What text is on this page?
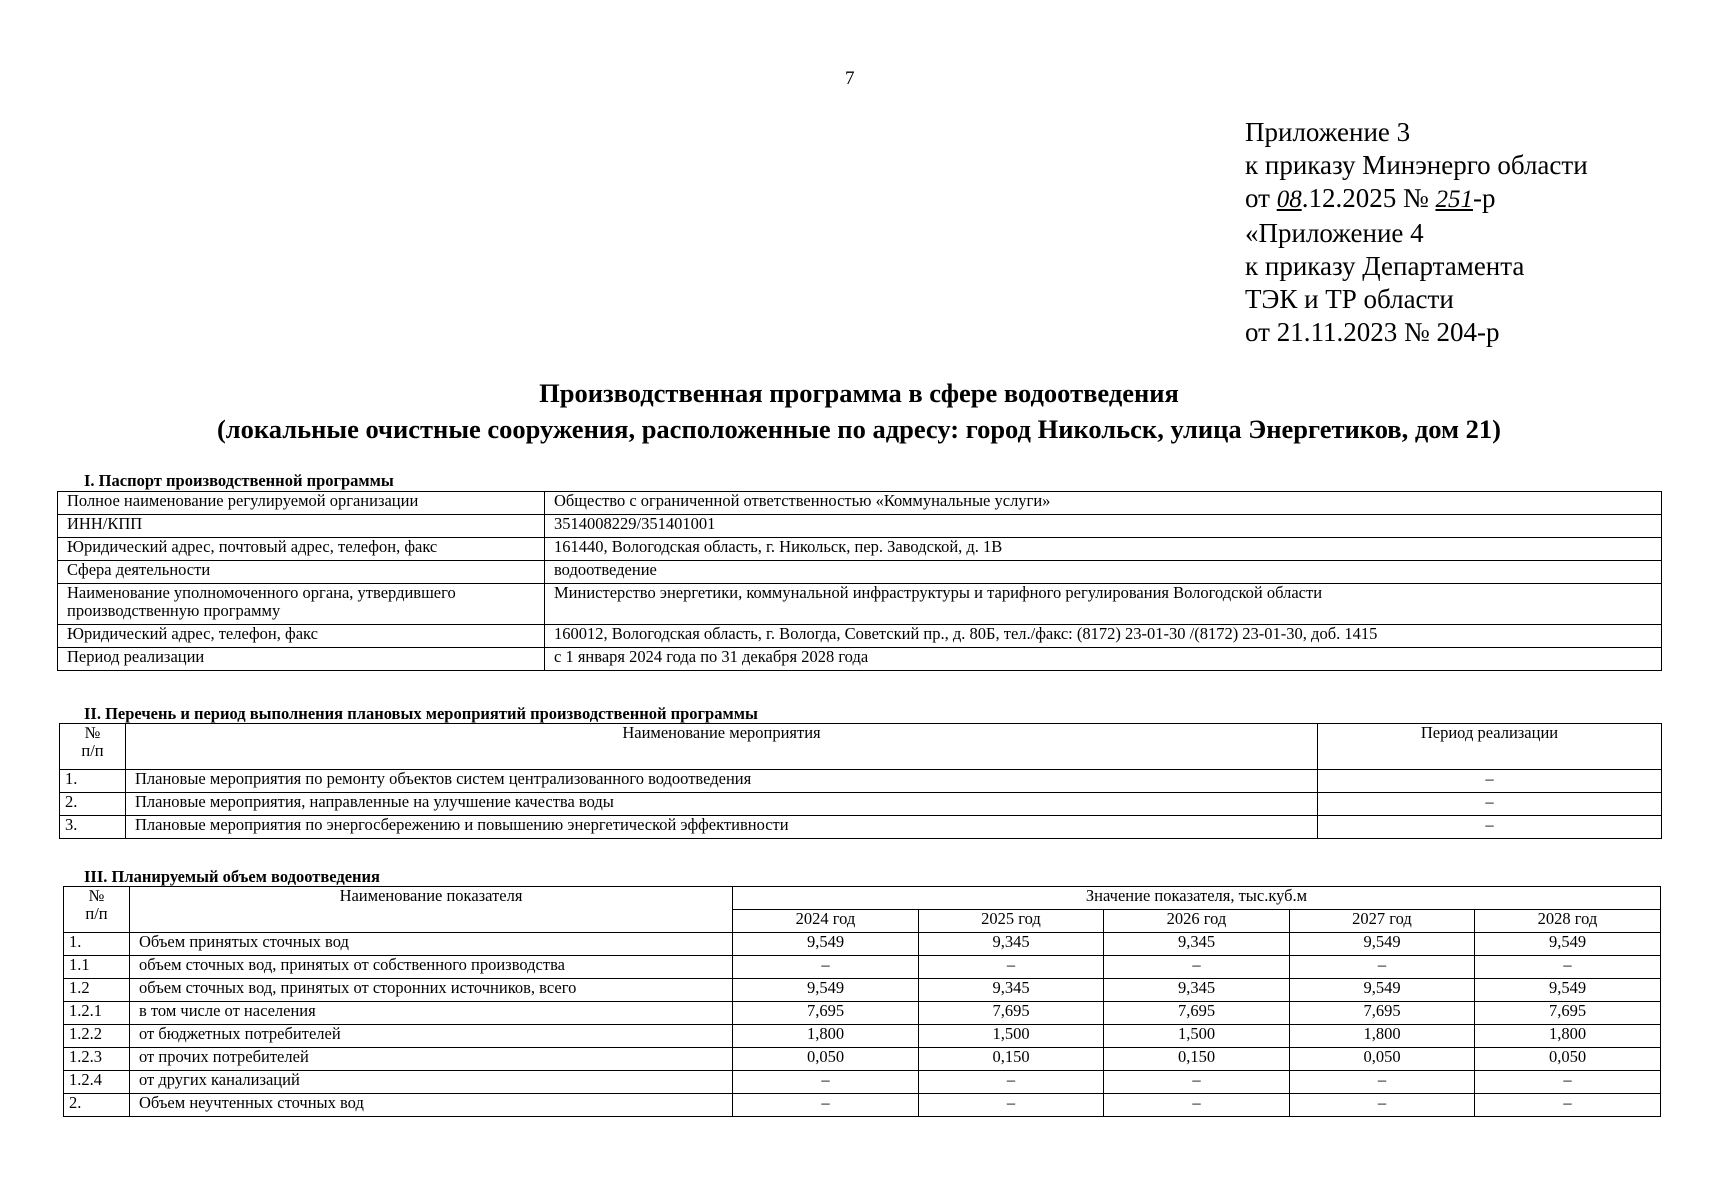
7
Приложение 3
к приказу Минэнерго области
от 08.12.2025 № 251-р
«Приложение 4
к приказу Департамента
ТЭК и ТР области
от 21.11.2023 № 204-р
Производственная программа в сфере водоотведения
(локальные очистные сооружения, расположенные по адресу: город Никольск, улица Энергетиков, дом 21)
I. Паспорт производственной программы
Полное наименование регулируемой организации	Общество с ограниченной ответственностью «Коммунальные услуги»
ИНН/КПП	3514008229/351401001
Юридический адрес, почтовый адрес, телефон, факс	161440, Вологодская область, г. Никольск, пер. Заводской, д. 1В
Сфера деятельности	водоотведение
Наименование уполномоченного органа, утвердившего производственную программу	Министерство энергетики, коммунальной инфраструктуры и тарифного регулирования Вологодской области
Юридический адрес, телефон, факс	160012, Вологодская область, г. Вологда, Советский пр., д. 80Б, тел./факс: (8172) 23-01-30 /(8172) 23-01-30, доб. 1415
Период реализации	с 1 января 2024 года по 31 декабря 2028 года
II. Перечень и период выполнения плановых мероприятий производственной программы
№
п/п	Наименование мероприятия	Период реализации
1.	Плановые мероприятия по ремонту объектов систем централизованного водоотведения	–
2.	Плановые мероприятия, направленные на улучшение качества воды	–
3.	Плановые мероприятия по энергосбережению и повышению энергетической эффективности	–
III. Планируемый объем водоотведения
№
п/п	Наименование показателя	Значение показателя, тыс.куб.м				
		2024 год	2025 год	2026 год	2027 год	2028 год
1.	Объем принятых сточных вод	9,549	9,345	9,345	9,549	9,549
1.1	объем сточных вод, принятых от собственного производства	–	–	–	–	–
1.2	объем сточных вод, принятых от сторонних источников, всего	9,549	9,345	9,345	9,549	9,549
1.2.1	в том числе от населения	7,695	7,695	7,695	7,695	7,695
1.2.2	от бюджетных потребителей	1,800	1,500	1,500	1,800	1,800
1.2.3	от прочих потребителей	0,050	0,150	0,150	0,050	0,050
1.2.4	от других канализаций	–	–	–	–	–
2.	Объем неучтенных сточных вод	–	–	–	–	–
